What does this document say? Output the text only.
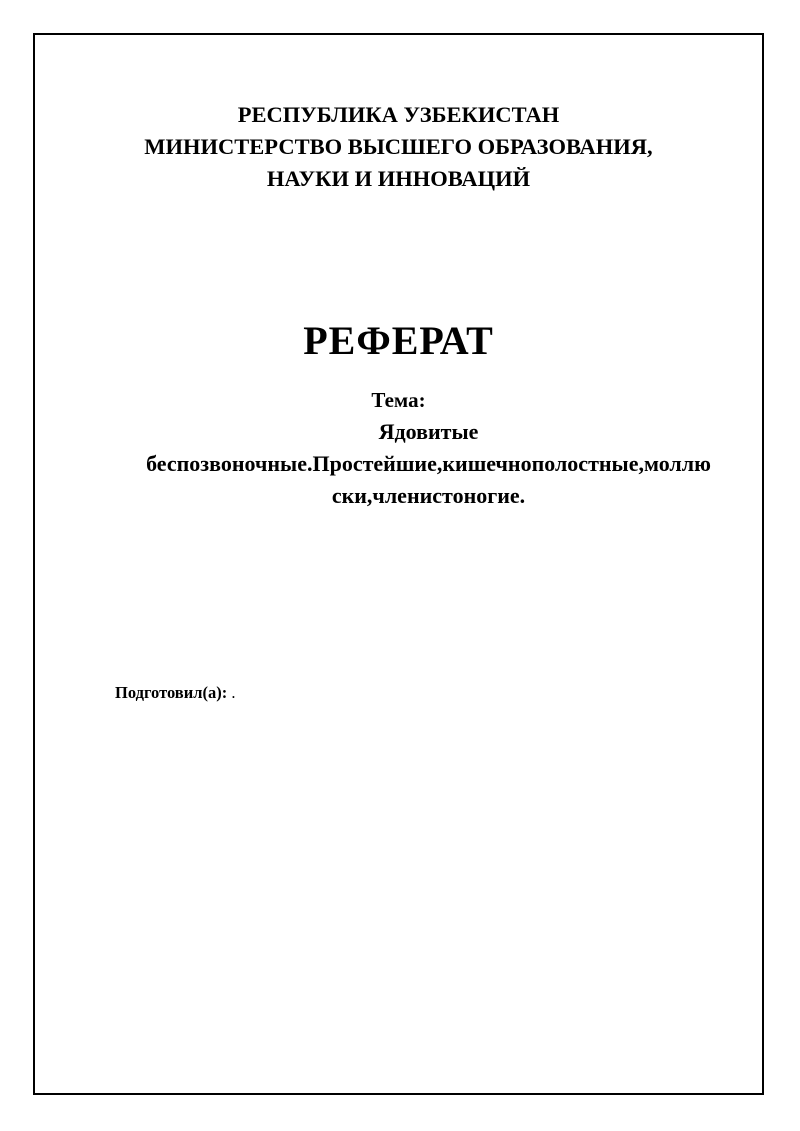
РЕСПУБЛИКА УЗБЕКИСТАН
МИНИСТЕРСТВО ВЫСШЕГО ОБРАЗОВАНИЯ,
НАУКИ И ИННОВАЦИЙ
РЕФЕРАТ
Тема:
Ядовитые
беспозвоночные.Простейшие,кишечнополостные,моллю
ски,членистоногие.
Подготовил(а): .
